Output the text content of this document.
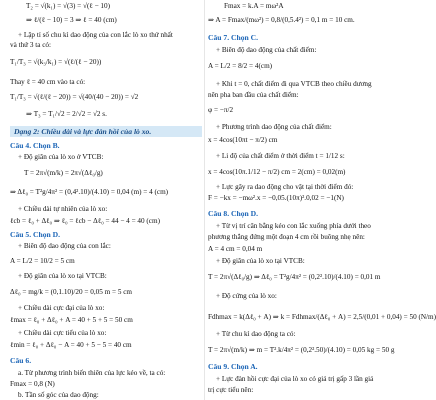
T₂ = √(k₁) = √(3) = √(ℓ − 10)
⇒ ℓ/(ℓ − 10) = 3 ⇒ ℓ = 40 (cm)
+ Lập tỉ số chu kì dao động của con lắc lò xo thứ nhất
và thứ 3 ta có:
T₁/T₃ = √(k₃/k₁) = √(ℓ/(ℓ − 20))
Thay ℓ = 40 cm vào ta có:
T₁/T₃ = √(ℓ/(ℓ − 20)) = √(40/(40 − 20)) = √2
⇒ T₃ = T₁/√2 = 2/√2 = √2 s.
Dạng 2: Chiều dài và lực đàn hồi của lò xo.
Câu 4. Chọn B.
+ Độ giãn của lò xo ở VTCB:
T = 2π√(m/k) = 2π√(Δℓ₀/g)
⇒ Δℓ₀ = T²g/4π² = (0,4².10)/(4.10) = 0,04 (m) = 4 (cm)
+ Chiều dài tự nhiên của lò xo:
ℓcb = ℓ₀ + Δℓ₀ ⇒ ℓ₀ = ℓcb − Δℓ₀ = 44 − 4 = 40 (cm)
Câu 5. Chọn D.
+ Biên độ dao động của con lắc:
A = L/2 = 10/2 = 5 cm
+ Độ giãn của lò xo tại VTCB:
Δℓ₀ = mg/k = (0,1.10)/20 = 0,05 m = 5 cm
+ Chiều dài cực đại của lò xo:
ℓmax = ℓ₀ + Δℓ₀ + A = 40 + 5 + 5 = 50 cm
+ Chiều dài cực tiểu của lò xo:
ℓmin = ℓ₀ + Δℓ₀ − A = 40 + 5 − 5 = 40 cm
Câu 6.
a. Từ phương trình biến thiên của lực kéo về, ta có:
Fmax = 0,8 (N)
b. Tần số góc của dao động:
Fmax = k.A = mω²A
⇒ A = Fmax/(mω²) = 0,8/(0,5.4²) = 0,1 m = 10 cm.
Câu 7. Chọn C.
+ Biên độ dao động của chất điểm:
A = L/2 = 8/2 = 4(cm)
+ Khi t = 0, chất điểm đi qua VTCB theo chiều dương
nên pha ban đầu của chất điểm:
φ = −π/2
+ Phương trình dao động của chất điểm:
x = 4cos(10πt − π/2) cm
+ Li độ của chất điểm ở thời điểm t = 1/12 s:
x = 4cos(10π.1/12 − π/2) cm = 2(cm) = 0,02(m)
+ Lực gây ra dao động cho vật tại thời điểm đó:
F = −kx = −mω².x = −0,05.(10π)².0,02 = −1(N)
Câu 8. Chọn D.
+ Từ vị trí cân bằng kéo con lắc xuống phía dưới theo
phương thẳng đứng một đoạn 4 cm rồi buông nhẹ nên:
A = 4 cm = 0,04 m
+ Độ giãn của lò xo tại VTCB:
T = 2π√(Δℓ₀/g) ⇒ Δℓ₀ = T²g/4π² = (0,2².10)/(4.10) = 0,01 m
+ Độ cứng của lò xo:
Fdhmax = k(Δℓ₀ + A) ⇒ k = Fdhmax/(Δℓ₀ + A) = 2,5/(0,01 + 0,04) = 50 (N/m)
+ Từ chu kì dao động ta có:
T = 2π√(m/k) ⇒ m = T².k/4π² = (0,2².50)/(4.10) = 0,05 kg = 50 g
Câu 9. Chọn A.
+ Lực đàn hồi cực đại của lò xo có giá trị gấp 3 lần giá
trị cực tiểu nên:
